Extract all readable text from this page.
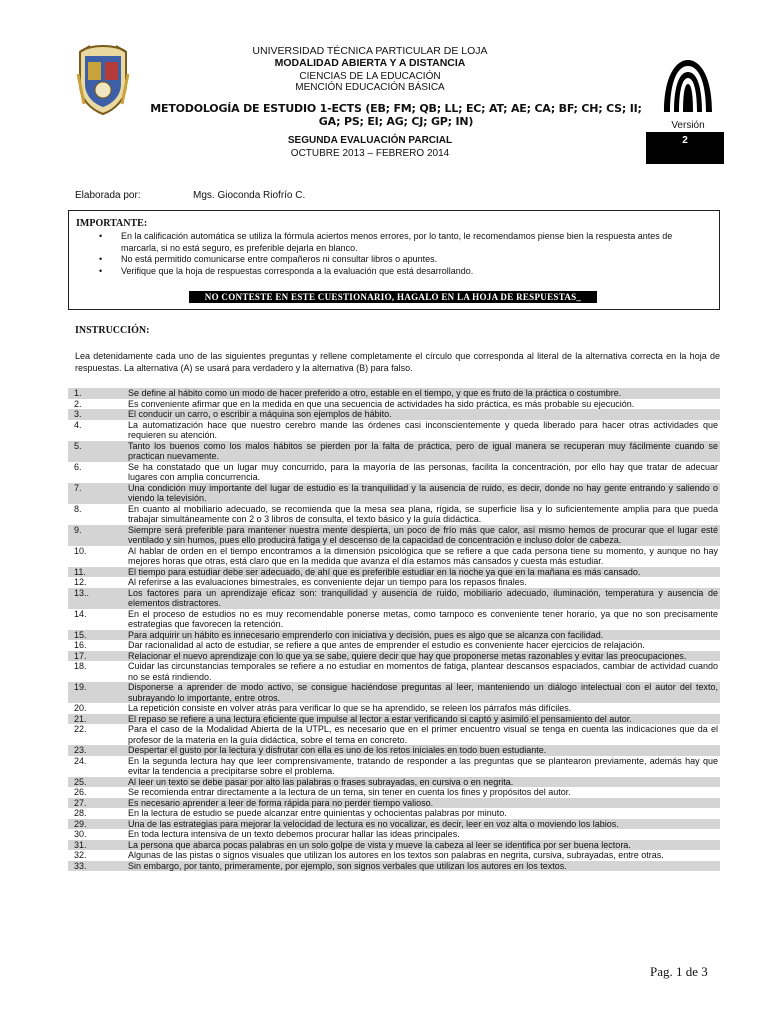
UNIVERSIDAD TÉCNICA PARTICULAR DE LOJA
MODALIDAD ABIERTA Y A DISTANCIA
CIENCIAS DE LA EDUCACIÓN
MENCIÓN EDUCACIÓN BÁSICA
METODOLOGÍA DE ESTUDIO 1-ECTS (EB; FM; QB; LL; EC; AT; AE; CA; BF; CH; CS; II; GA; PS; EI; AG; CJ; GP; IN)
SEGUNDA EVALUACIÓN PARCIAL
OCTUBRE 2013 – FEBRERO 2014
Versión
2
Elaborada por:	Mgs. Gioconda Riofrío C.
IMPORTANTE:
• En la calificación automática se utiliza la fórmula aciertos menos errores, por lo tanto, le recomendamos piense bien la respuesta antes de marcarla, si no está seguro, es preferible dejarla en blanco.
• No está permitido comunicarse entre compañeros ni consultar libros o apuntes.
• Verifique que la hoja de respuestas corresponda a la evaluación que está desarrollando.
NO CONTESTE EN ESTE CUESTIONARIO, HAGALO EN LA HOJA DE RESPUESTAS_
INSTRUCCIÓN:
Lea detenidamente cada uno de las siguientes preguntas y rellene completamente el círculo que corresponda al literal de la alternativa correcta en la hoja de respuestas. La alternativa (A) se usará para verdadero y la alternativa (B) para falso.
1.	Se define al hábito como un modo de hacer preferido a otro, estable en el tiempo, y que es fruto de la práctica o costumbre.
2.	Es conveniente afirmar que en la medida en que una secuencia de actividades ha sido práctica, es más probable su ejecución.
3.	El conducir un carro, o escribir a máquina son ejemplos de hábito.
4.	La automatización hace que nuestro cerebro mande las órdenes casi inconscientemente y queda liberado para hacer otras actividades que requieren su atención.
5.	Tanto los buenos como los malos hábitos se pierden por la falta de práctica, pero de igual manera se recuperan muy fácilmente cuando se practican nuevamente.
6.	Se ha constatado que un lugar muy concurrido, para la mayoría de las personas, facilita la concentración, por ello hay que tratar de adecuar lugares con amplia concurrencia.
7.	Una condición muy importante del lugar de estudio es la tranquilidad y la ausencia de ruido, es decir, donde no hay gente entrando y saliendo o viendo la televisión.
8.	En cuanto al mobiliario adecuado, se recomienda que la mesa sea plana, rígida, se superficie lisa y lo suficientemente amplia para que pueda trabajar simultáneamente con 2 o 3 libros de consulta, el texto básico y la guía didáctica.
9.	Siempre será preferible para mantener nuestra mente despierta, un poco de frío más que calor, así mismo hemos de procurar que el lugar esté ventilado y sin humos, pues ello producirá fatiga y el descenso de la capacidad de concentración e incluso dolor de cabeza.
10.	Al hablar de orden en el tiempo encontramos a la dimensión psicológica que se refiere a que cada persona tiene su momento, y aunque no hay mejores horas que otras, está claro que en la medida que avanza el día estamos más cansados y cuesta más estudiar.
11.	El tiempo para estudiar debe ser adecuado, de ahí que es preferible estudiar en la noche ya que en la mañana es más cansado.
12.	Al referirse a las evaluaciones bimestrales, es conveniente dejar un tiempo para los repasos finales.
13..	Los factores para un aprendizaje eficaz son: tranquilidad y ausencia de ruido, mobiliario adecuado, iluminación, temperatura y ausencia de elementos distractores.
14.	En el proceso de estudios no es muy recomendable ponerse metas, como tampoco es conveniente tener horario, ya que no son precisamente estrategias que favorecen la retención.
15.	Para adquirir un hábito es innecesario emprenderlo con iniciativa y decisión, pues es algo que se alcanza con facilidad.
16.	Dar racionalidad al acto de estudiar, se refiere a que antes de emprender el estudio es conveniente hacer ejercicios de relajación.
17.	Relacionar el nuevo aprendizaje con lo que ya se sabe, quiere decir que hay que proponerse metas razonables y evitar las preocupaciones.
18.	Cuidar las circunstancias temporales se refiere a no estudiar en momentos de fatiga, plantear descansos espaciados, cambiar de actividad cuando no se está rindiendo.
19.	Disponerse a aprender de modo activo, se consigue haciéndose preguntas al leer, manteniendo un diálogo intelectual con el autor del texto, subrayando lo importante, entre otros.
20.	La repetición consiste en volver atrás para verificar lo que se ha aprendido, se releen los párrafos más difíciles.
21.	El repaso se refiere a una lectura eficiente que impulse al lector a estar verificando si captó y asimiló el pensamiento del autor.
22.	Para el caso de la Modalidad Abierta de la UTPL, es necesario que en el primer encuentro visual se tenga en cuenta las indicaciones que da el profesor de la materia en la guía didáctica, sobre el tema en concreto.
23.	Despertar el gusto por la lectura y disfrutar con ella es uno de los retos iniciales en todo buen estudiante.
24.	En la segunda lectura hay que leer comprensivamente, tratando de responder a las preguntas que se plantearon previamente, además hay que evitar la tendencia a precipitarse sobre el problema.
25.	Al leer un texto se debe pasar por alto las palabras o frases subrayadas, en cursiva o en negrita.
26.	Se recomienda entrar directamente a la lectura de un tema, sin tener en cuenta los fines y propósitos del autor.
27.	Es necesario aprender a leer de forma rápida para no perder tiempo valioso.
28.	En la lectura de estudio se puede alcanzar entre quinientas y ochocientas palabras por minuto.
29.	Una de las estrategias para mejorar la velocidad de lectura es no vocalizar, es decir, leer en voz alta o moviendo los labios.
30.	En toda lectura intensiva de un texto debemos procurar hallar las ideas principales.
31.	La persona que abarca pocas palabras en un solo golpe de vista y mueve la cabeza al leer se identifica por ser buena lectora.
32.	Algunas de las pistas o signos visuales que utilizan los autores en los textos son palabras en negrita, cursiva, subrayadas, entre otras.
33.	Sin embargo, por tanto, primeramente, por ejemplo, son signos verbales que utilizan los autores en los textos.
Pag. 1 de 3
